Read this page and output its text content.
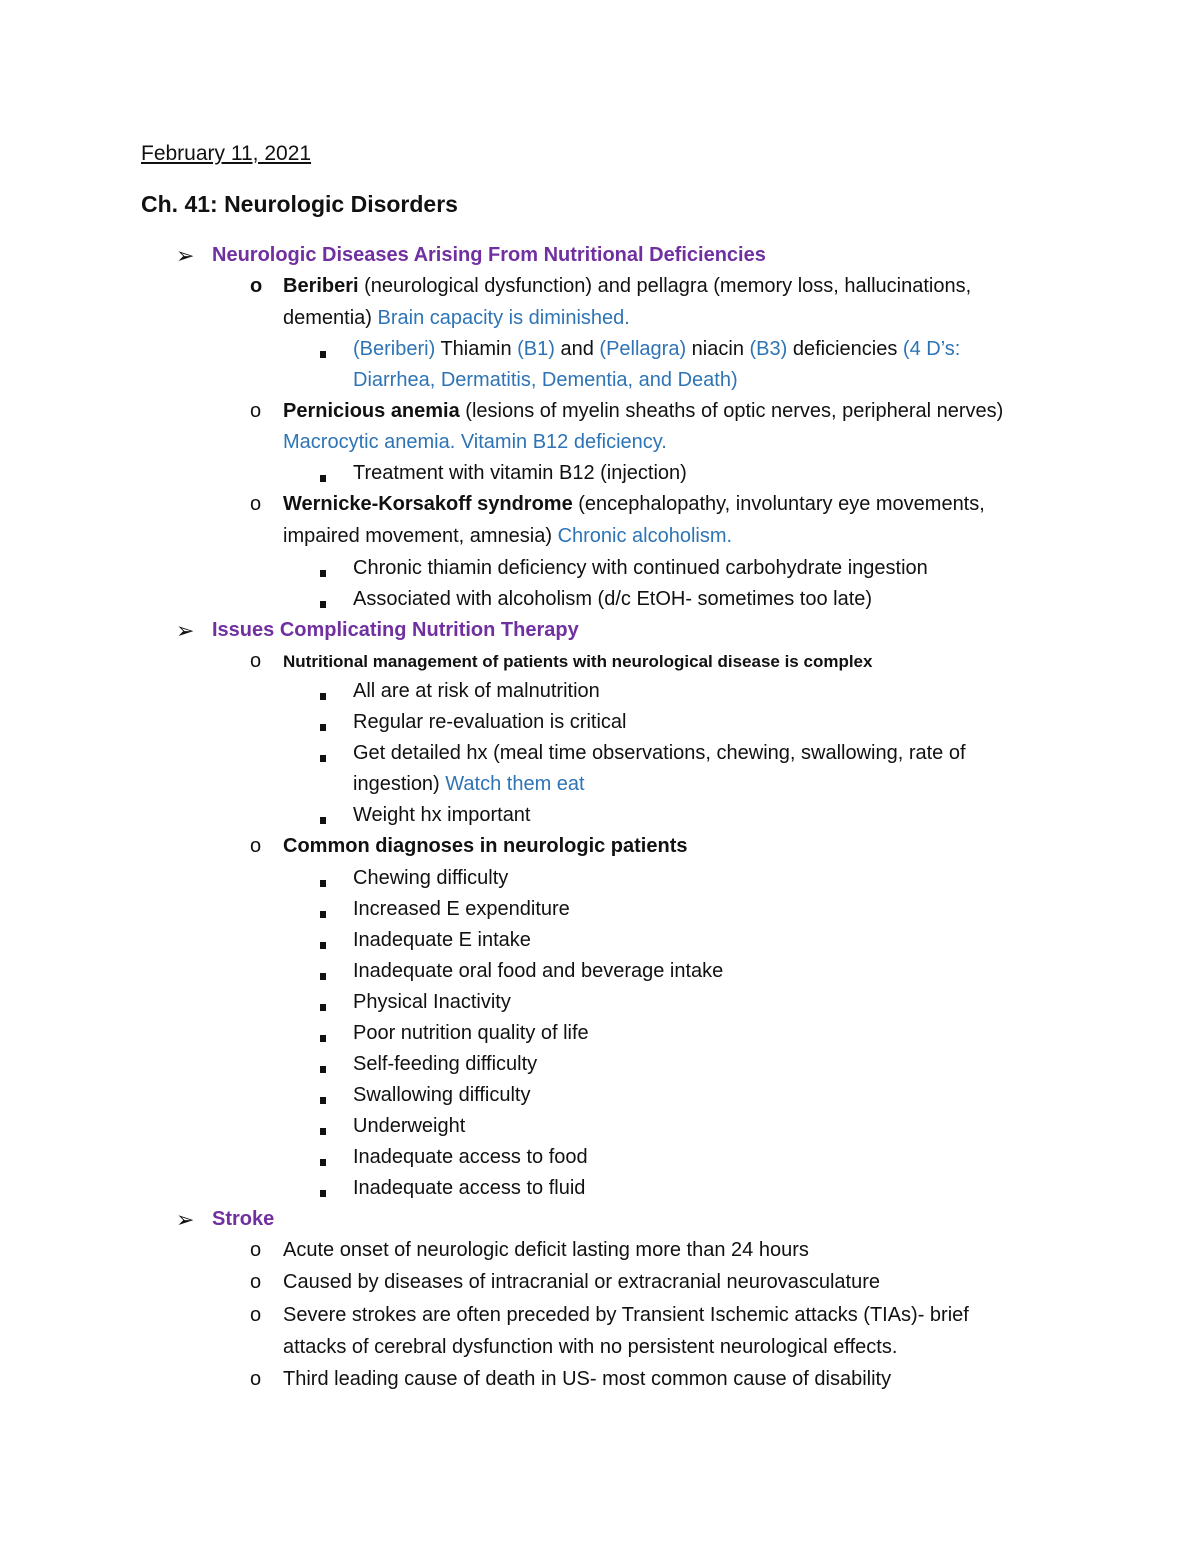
February 11, 2021

Ch. 41: Neurologic Disorders

➢ Neurologic Diseases Arising From Nutritional Deficiencies
o Beriberi (neurological dysfunction) and pellagra (memory loss, hallucinations,
dementia) Brain capacity is diminished.
(Beriberi) Thiamin (B1) and (Pellagra) niacin (B3) deficiencies (4 D’s:
Diarrhea, Dermatitis, Dementia, and Death)
o Pernicious anemia (lesions of myelin sheaths of optic nerves, peripheral nerves)
Macrocytic anemia. Vitamin B12 deficiency.
Treatment with vitamin B12 (injection)
o Wernicke-Korsakoff syndrome (encephalopathy, involuntary eye movements,
impaired movement, amnesia) Chronic alcoholism.
Chronic thiamin deficiency with continued carbohydrate ingestion
Associated with alcoholism (d/c EtOH- sometimes too late)
➢ Issues Complicating Nutrition Therapy
o Nutritional management of patients with neurological disease is complex
All are at risk of malnutrition
Regular re-evaluation is critical
Get detailed hx (meal time observations, chewing, swallowing, rate of
ingestion) Watch them eat
Weight hx important
o Common diagnoses in neurologic patients
Chewing difficulty
Increased E expenditure
Inadequate E intake
Inadequate oral food and beverage intake
Physical Inactivity
Poor nutrition quality of life
Self-feeding difficulty
Swallowing difficulty
Underweight
Inadequate access to food
Inadequate access to fluid
➢ Stroke
o Acute onset of neurologic deficit lasting more than 24 hours
o Caused by diseases of intracranial or extracranial neurovasculature
o Severe strokes are often preceded by Transient Ischemic attacks (TIAs)- brief
attacks of cerebral dysfunction with no persistent neurological effects.
o Third leading cause of death in US- most common cause of disability
